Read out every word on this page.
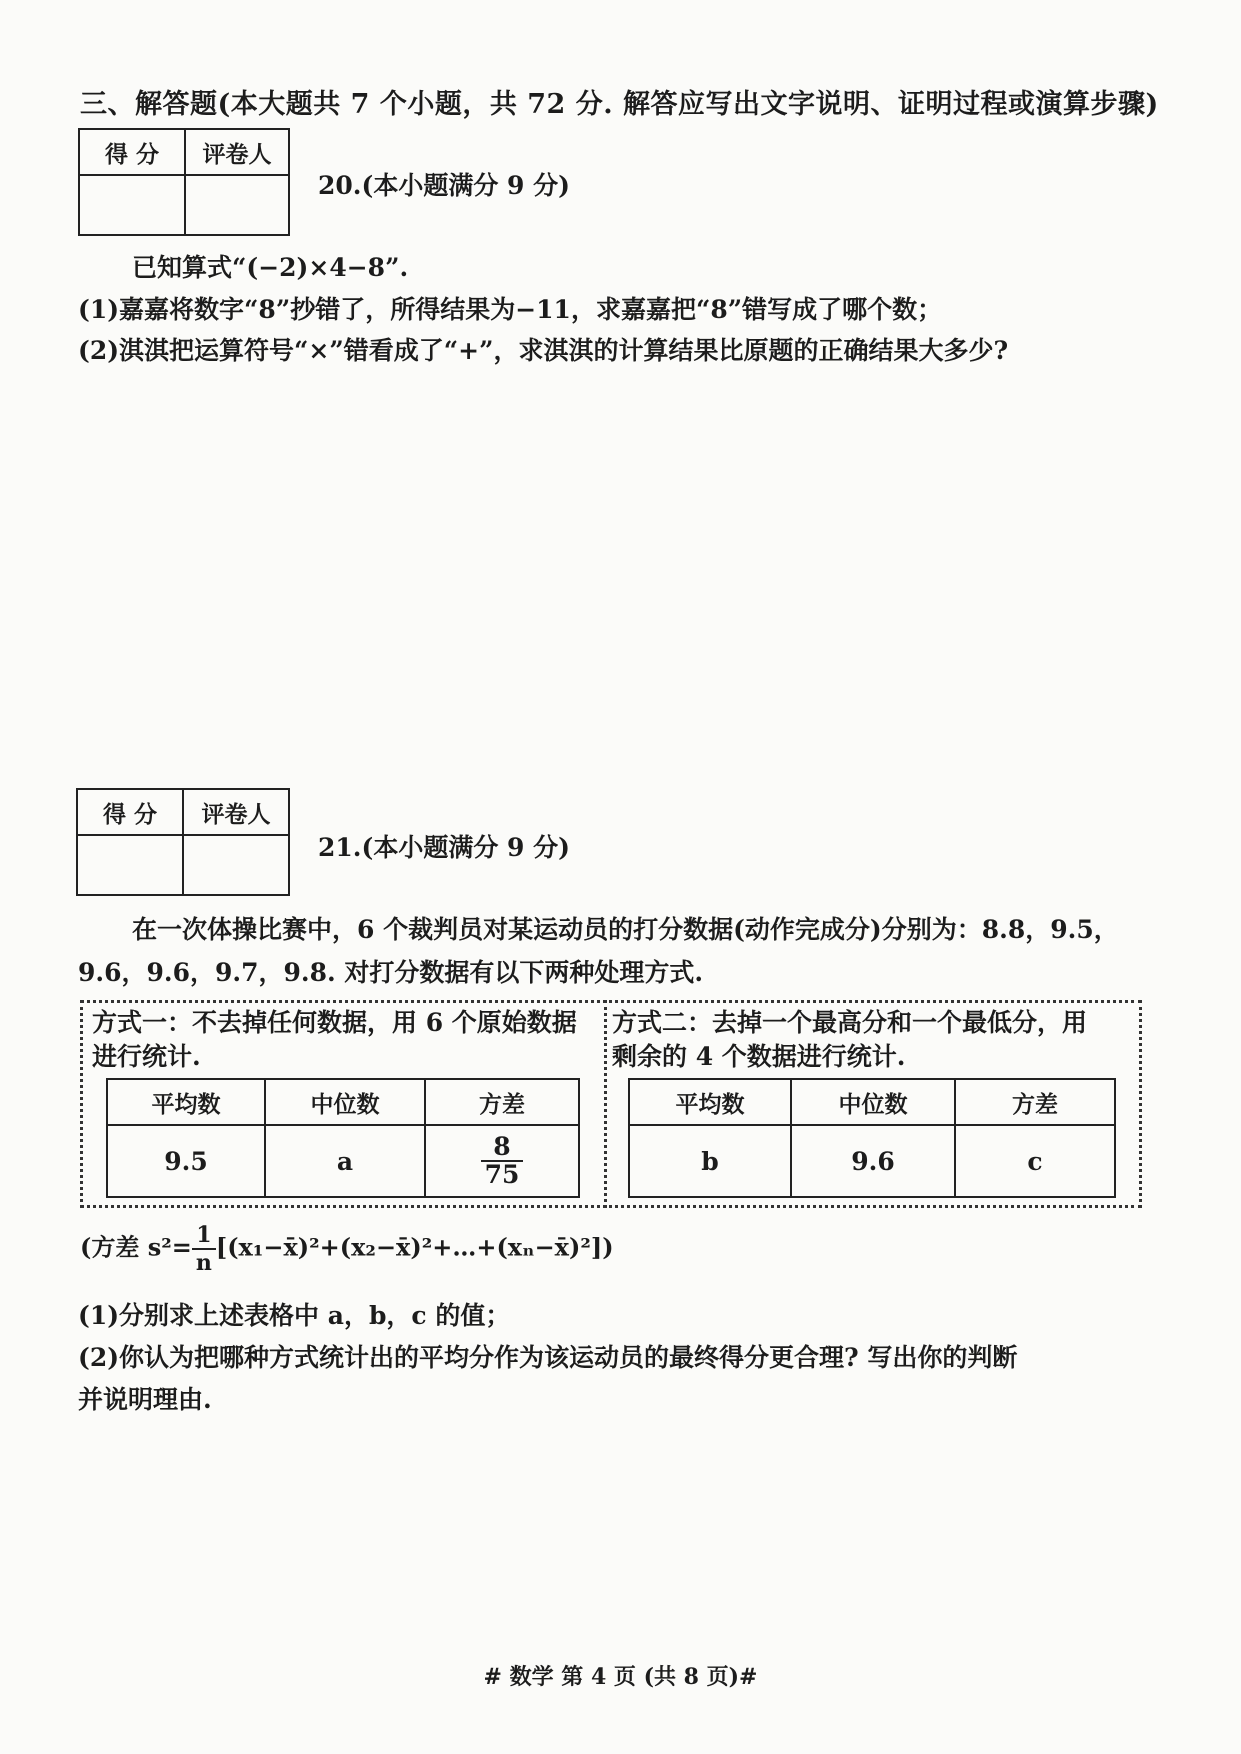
三、解答题(本大题共 7 个小题，共 72 分. 解答应写出文字说明、证明过程或演算步骤)
得 分	评卷人

20.(本小题满分 9 分)
已知算式“(−2)×4−8”.
(1)嘉嘉将数字“8”抄错了，所得结果为−11，求嘉嘉把“8”错写成了哪个数；
(2)淇淇把运算符号“×”错看成了“+”，求淇淇的计算结果比原题的正确结果大多少?
得 分	评卷人

21.(本小题满分 9 分)
在一次体操比赛中，6 个裁判员对某运动员的打分数据(动作完成分)分别为：8.8，9.5，
9.6，9.6，9.7，9.8. 对打分数据有以下两种处理方式.
方式一：不去掉任何数据，用 6 个原始数据
进行统计.
平均数	中位数	方差
9.5	a	$\frac{8}{75}$
方式二：去掉一个最高分和一个最低分，用
剩余的 4 个数据进行统计.
平均数	中位数	方差
b	9.6	c
(方差 $s^2= \frac{1}{n}$ [(x₁−x̄)²+(x₂−x̄)²+…+(xₙ−x̄)²])
(1)分别求上述表格中 a，b，c 的值；
(2)你认为把哪种方式统计出的平均分作为该运动员的最终得分更合理? 写出你的判断
并说明理由.
# 数学 第 4 页 (共 8 页)#
